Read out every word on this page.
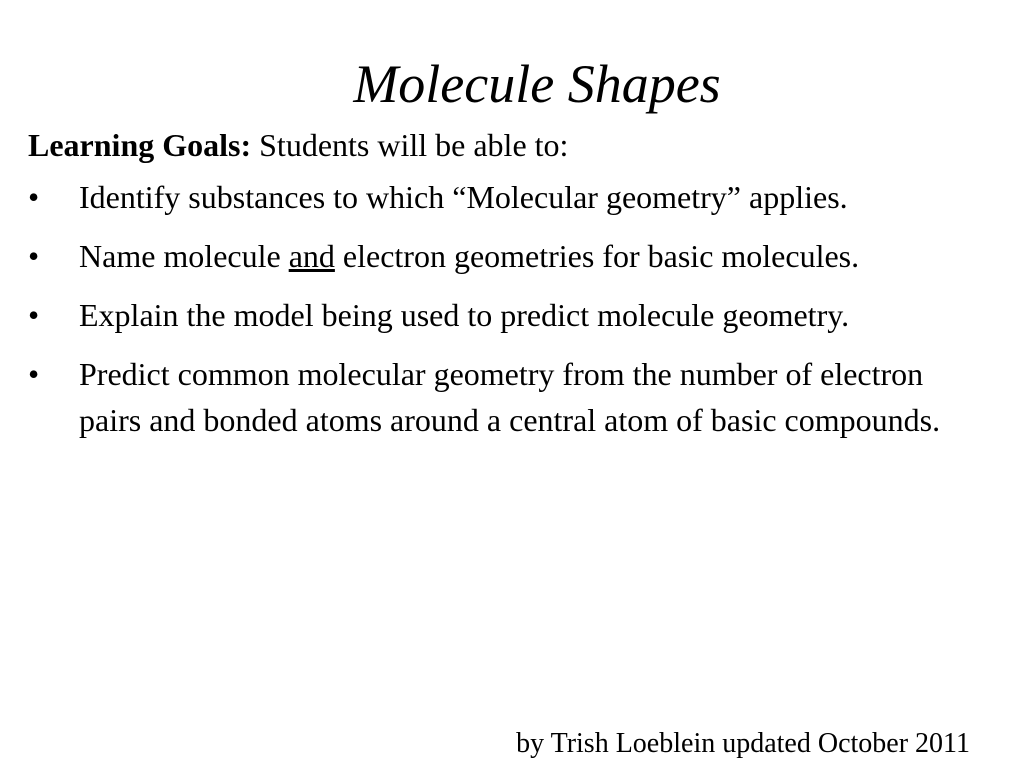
Molecule Shapes

Learning Goals: Students will be able to:

• Identify substances to which “Molecular geometry” applies.
• Name molecule and electron geometries for basic molecules.
• Explain the model being used to predict molecule geometry.
• Predict common molecular geometry from the number of electron pairs and bonded atoms around a central atom of basic compounds.
by Trish Loeblein updated October 2011
